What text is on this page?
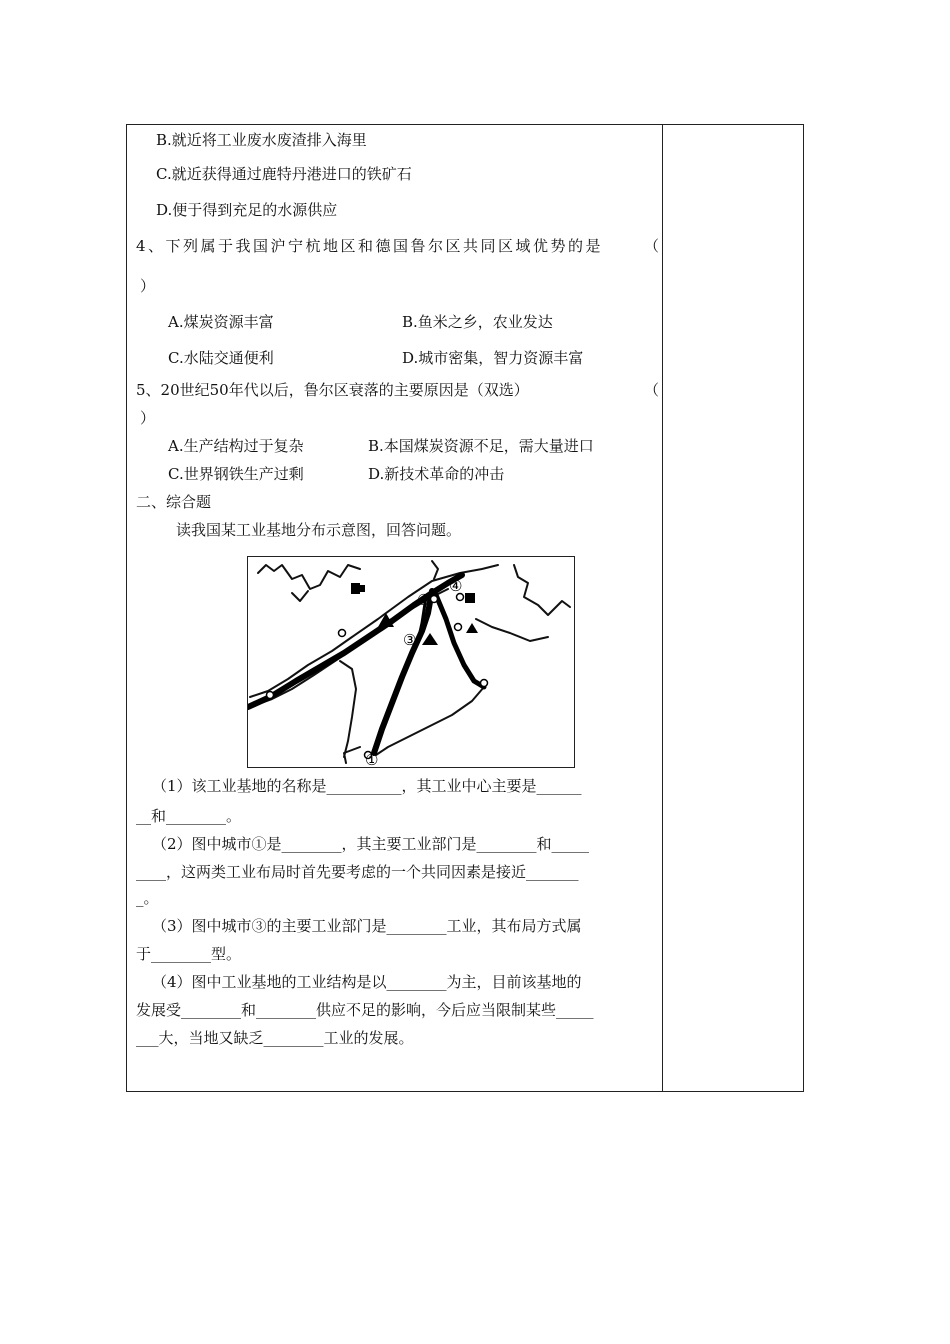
B.就近将工业废水废渣排入海里
C.就近获得通过鹿特丹港进口的铁矿石
D.便于得到充足的水源供应
4、下列属于我国沪宁杭地区和德国鲁尔区共同区域优势的是	（
）
A.煤炭资源丰富	B.鱼米之乡，农业发达
C.水陆交通便利	D.城市密集，智力资源丰富
5、20世纪50年代以后，鲁尔区衰落的主要原因是（双选）	（
）
A.生产结构过于复杂	B.本国煤炭资源不足，需大量进口
C.世界钢铁生产过剩	D.新技术革命的冲击
二、综合题
读我国某工业基地分布示意图，回答问题。
④
②
③
①
（1）该工业基地的名称是__________，其工业中心主要是______
__和________。
（2）图中城市①是________，其主要工业部门是________和_____
____，这两类工业布局时首先要考虑的一个共同因素是接近_______
_。
（3）图中城市③的主要工业部门是________工业，其布局方式属
于________型。
（4）图中工业基地的工业结构是以________为主，目前该基地的
发展受________和________供应不足的影响，今后应当限制某些_____
___大，当地又缺乏________工业的发展。
